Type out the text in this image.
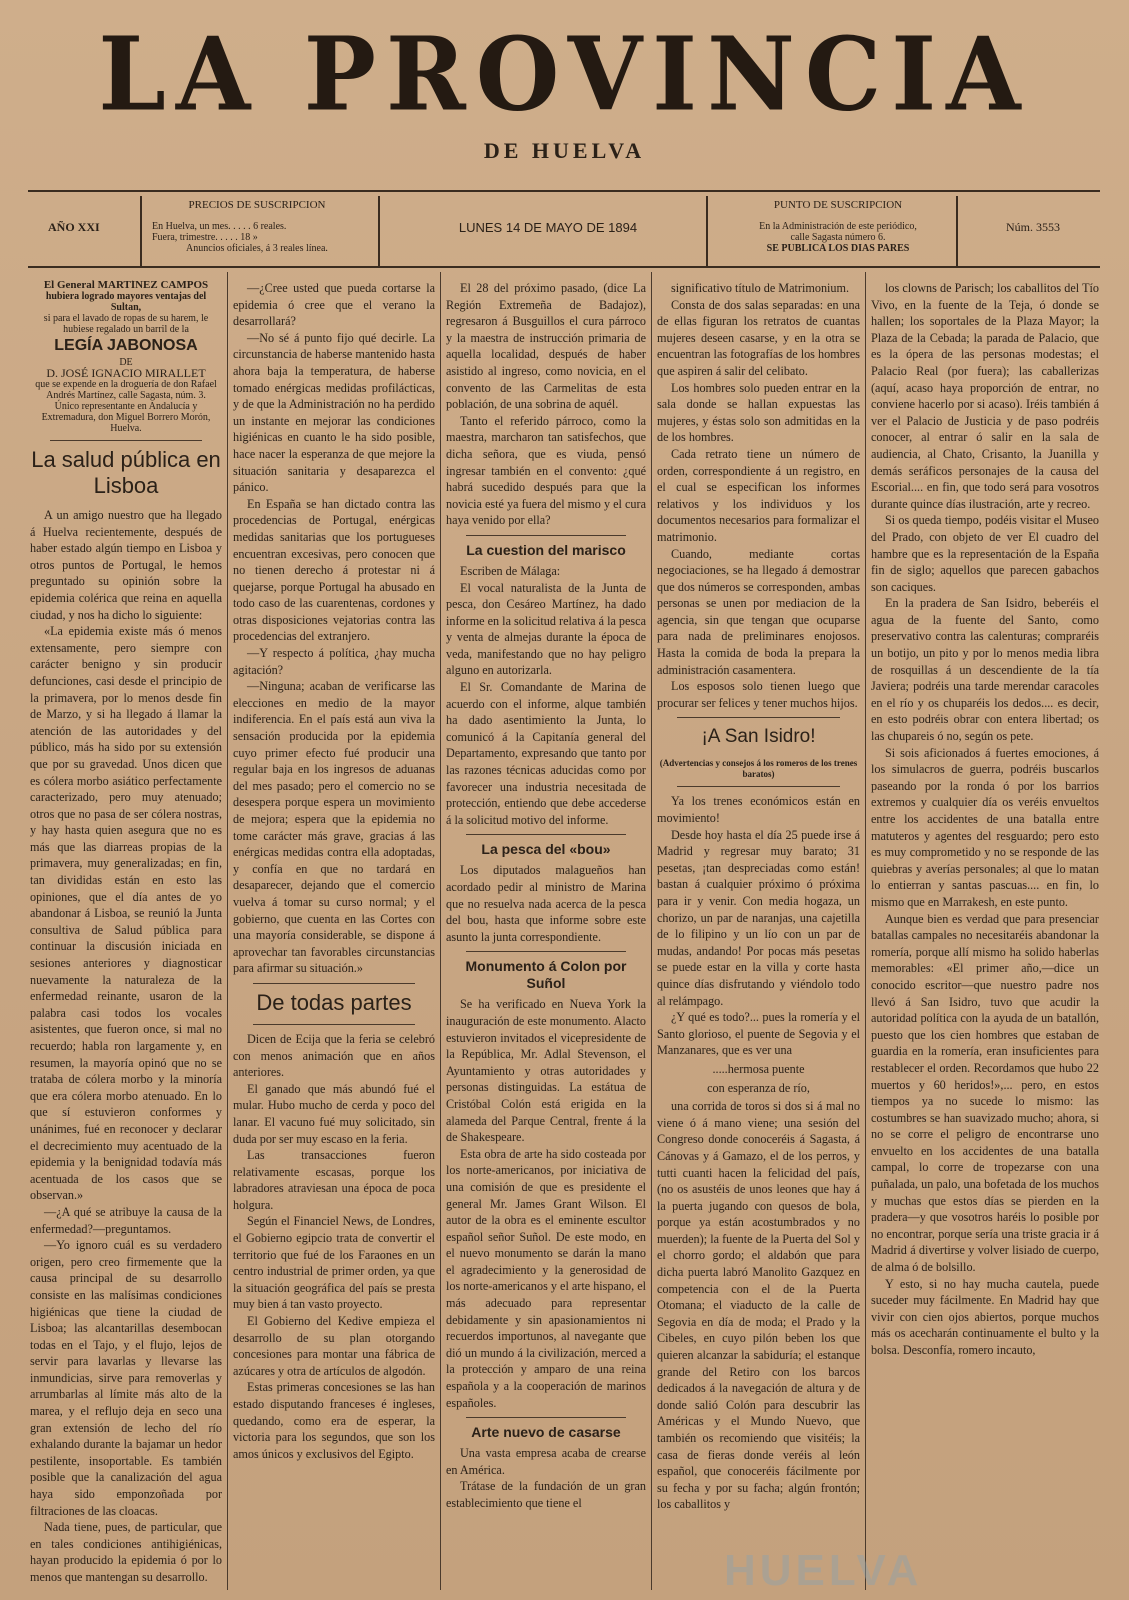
LA PROVINCIA
DE HUELVA
AÑO XXI
PRECIOS DE SUSCRIPCION
En Huelva, un mes. . . . . 6 reales.
Fuera, trimestre. . . . . 18 »
Anuncios oficiales, á 3 reales línea.
LUNES 14 DE MAYO DE 1894
PUNTO DE SUSCRIPCION
En la Administración de este periódico,
calle Sagasta número 6.
SE PUBLICA LOS DIAS PARES
Núm. 3553
El General MARTÍNEZ CAMPOS
hubiera logrado mayores ventajas del Sultan,
si para el lavado de ropas de su harem, le hubiese regalado un barril de la
LEGÍA JABONOSA
DE
D. JOSÉ IGNACIO MIRALLET
que se expende en la droguería de don Rafael Andrés Martínez, calle Sagasta, núm. 3.
Único representante en Andalucía y Extremadura, don Miguel Borrero Morón, Huelva.
La salud pública en Lisboa

A un amigo nuestro que ha llegado á Huelva recientemente, después de haber estado algún tiempo en Lisboa y otros puntos de Portugal, le hemos preguntado su opinión sobre la epidemia colérica que reina en aquella ciudad, y nos ha dicho lo siguiente:

«La epidemia existe más ó menos extensamente, pero siempre con carácter benigno y sin producir defunciones, casi desde el principio de la primavera, por lo menos desde fin de Marzo, y si ha llegado á llamar la atención de las autoridades y del público, más ha sido por su extensión que por su gravedad. Unos dicen que es cólera morbo asiático perfectamente caracterizado, pero muy atenuado; otros que no pasa de ser cólera nostras, y hay hasta quien asegura que no es más que las diarreas propias de la primavera, muy generalizadas; en fin, tan divididas están en esto las opiniones, que el día antes de yo abandonar á Lisboa, se reunió la Junta consultiva de Salud pública para continuar la discusión iniciada en sesiones anteriores y diagnosticar nuevamente la naturaleza de la enfermedad reinante, usaron de la palabra casi todos los vocales asistentes, que fueron once, si mal no recuerdo; habla ron largamente y, en resumen, la mayoría opinó que no se trataba de cólera morbo y la minoría que era cólera morbo atenuado. En lo que sí estuvieron conformes y unánimes, fué en reconocer y declarar el decrecimiento muy acentuado de la epidemia y la benignidad todavía más acentuada de los casos que se observan.»

—¿A qué se atribuye la causa de la enfermedad?—preguntamos.

—Yo ignoro cuál es su verdadero origen, pero creo firmemente que la causa principal de su desarrollo consiste en las malísimas condiciones higiénicas que tiene la ciudad de Lisboa; las alcantarillas desembocan todas en el Tajo, y el flujo, lejos de servir para lavarlas y llevarse las inmundicias, sirve para removerlas y arrumbarlas al límite más alto de la marea, y el reflujo deja en seco una gran extensión de lecho del río exhalando durante la bajamar un hedor pestilente, insoportable. Es también posible que la canalización del agua haya sido emponzoñada por filtraciones de las cloacas.

Nada tiene, pues, de particular, que en tales condiciones antihigiénicas, hayan producido la epidemia ó por lo menos que mantengan su desarrollo.

—¿Cree usted que pueda cortarse la epidemia ó cree que el verano la desarrollará?

—No sé á punto fijo qué decirle. La circunstancia de haberse mantenido hasta ahora baja la temperatura, de haberse tomado enérgicas medidas profilácticas, y de que la Administración no ha perdido un instante en mejorar las condiciones higiénicas en cuanto le ha sido posible, hace nacer la esperanza de que mejore la situación sanitaria y desaparezca el pánico.

En España se han dictado contra las procedencias de Portugal, enérgicas medidas sanitarias que los portugueses encuentran excesivas, pero conocen que no tienen derecho á protestar ni á quejarse, porque Portugal ha abusado en todo caso de las cuarentenas, cordones y otras disposiciones vejatorias contra las procedencias del extranjero.

—Y respecto á política, ¿hay mucha agitación?

—Ninguna; acaban de verificarse las elecciones en medio de la mayor indiferencia. En el país está aun viva la sensación producida por la epidemia cuyo primer efecto fué producir una regular baja en los ingresos de aduanas del mes pasado; pero el comercio no se desespera porque espera un movimiento de mejora; espera que la epidemia no tome carácter más grave, gracias á las enérgicas medidas contra ella adoptadas, y confía en que no tardará en desaparecer, dejando que el comercio vuelva á tomar su curso normal; y el gobierno, que cuenta en las Cortes con una mayoría considerable, se dispone á aprovechar tan favorables circunstancias para afirmar su situación.»

De todas partes

Dicen de Ecija que la feria se celebró con menos animación que en años anteriores.

El ganado que más abundó fué el mular. Hubo mucho de cerda y poco del lanar. El vacuno fué muy solicitado, sin duda por ser muy escaso en la feria.

Las transacciones fueron relativamente escasas, porque los labradores atraviesan una época de poca holgura.

Según el Financiel News, de Londres, el Gobierno egipcio trata de convertir el territorio que fué de los Faraones en un centro industrial de primer orden, ya que la situación geográfica del país se presta muy bien á tan vasto proyecto.

El Gobierno del Kedive empieza el desarrollo de su plan otorgando concesiones para montar una fábrica de azúcares y otra de artículos de algodón.

Estas primeras concesiones se las han estado disputando franceses é ingleses, quedando, como era de esperar, la victoria para los segundos, que son los amos únicos y exclusivos del Egipto.

El 28 del próximo pasado, (dice La Región Extremeña de Badajoz), regresaron á Busguillos el cura párroco y la maestra de instrucción primaria de aquella localidad, después de haber asistido al ingreso, como novicia, en el convento de las Carmelitas de esta población, de una sobrina de aquél.

Tanto el referido párroco, como la maestra, marcharon tan satisfechos, que dicha señora, que es viuda, pensó ingresar también en el convento: ¿qué habrá sucedido después para que la novicia esté ya fuera del mismo y el cura haya venido por ella?

La cuestion del marisco

Escriben de Málaga:

El vocal naturalista de la Junta de pesca, don Cesáreo Martínez, ha dado informe en la solicitud relativa á la pesca y venta de almejas durante la época de veda, manifestando que no hay peligro alguno en autorizarla.

El Sr. Comandante de Marina de acuerdo con el informe, alque también ha dado asentimiento la Junta, lo comunicó á la Capitanía general del Departamento, expresando que tanto por las razones técnicas aducidas como por favorecer una industria necesitada de protección, entiendo que debe accederse á la solicitud motivo del informe.

La pesca del «bou»

Los diputados malagueños han acordado pedir al ministro de Marina que no resuelva nada acerca de la pesca del bou, hasta que informe sobre este asunto la junta correspondiente.

Monumento á Colon por Suñol

Se ha verificado en Nueva York la inauguración de este monumento. Alacto estuvieron invitados el vicepresidente de la República, Mr. Adlal Stevenson, el Ayuntamiento y otras autoridades y personas distinguidas. La estátua de Cristóbal Colón está erigida en la alameda del Parque Central, frente á la de Shakespeare.

Esta obra de arte ha sido costeada por los norte-americanos, por iniciativa de una comisión de que es presidente el general Mr. James Grant Wilson. El autor de la obra es el eminente escultor español señor Suñol. De este modo, en el nuevo monumento se darán la mano el agradecimiento y la generosidad de los norte-americanos y el arte hispano, el más adecuado para representar debidamente y sin apasionamientos ni recuerdos importunos, al navegante que dió un mundo á la civilización, merced a la protección y amparo de una reina española y a la cooperación de marinos españoles.

Arte nuevo de casarse

Una vasta empresa acaba de crearse en América.

Trátase de la fundación de un gran establecimiento que tiene el

significativo título de Matrimonium.

Consta de dos salas separadas: en una de ellas figuran los retratos de cuantas mujeres deseen casarse, y en la otra se encuentran las fotografías de los hombres que aspiren á salir del celibato.

Los hombres solo pueden entrar en la sala donde se hallan expuestas las mujeres, y éstas solo son admitidas en la de los hombres.

Cada retrato tiene un número de orden, correspondiente á un registro, en el cual se especifican los informes relativos y los individuos y los documentos necesarios para formalizar el matrimonio.

Cuando, mediante cortas negociaciones, se ha llegado á demostrar que dos números se corresponden, ambas personas se unen por mediacion de la agencia, sin que tengan que ocuparse para nada de preliminares enojosos. Hasta la comida de boda la prepara la administración casamentera.

Los esposos solo tienen luego que procurar ser felices y tener muchos hijos.

¡A San Isidro!
(Advertencias y consejos á los romeros de los trenes baratos)

Ya los trenes económicos están en movimiento!

Desde hoy hasta el día 25 puede irse á Madrid y regresar muy barato; 31 pesetas, ¡tan despreciadas como están! bastan á cualquier próximo ó próxima para ir y venir. Con media hogaza, un chorizo, un par de naranjas, una cajetilla de lo filipino y un lío con un par de mudas, andando! Por pocas más pesetas se puede estar en la villa y corte hasta quince días disfrutando y viéndolo todo al relámpago.

¿Y qué es todo?... pues la romería y el Santo glorioso, el puente de Segovia y el Manzanares, que es ver una

.....hermosa puente
con esperanza de río,

una corrida de toros si dos si á mal no viene ó á mano viene; una sesión del Congreso donde conoceréis á Sagasta, á Cánovas y á Gamazo, el de los perros, y tutti cuanti hacen la felicidad del país, (no os asustéis de unos leones que hay á la puerta jugando con quesos de bola, porque ya están acostumbrados y no muerden); la fuente de la Puerta del Sol y el chorro gordo; el aldabón que para dicha puerta labró Manolito Gazquez en competencia con el de la Puerta Otomana; el viaducto de la calle de Segovia en día de moda; el Prado y la Cibeles, en cuyo pilón beben los que quieren alcanzar la sabiduría; el estanque grande del Retiro con los barcos dedicados á la navegación de altura y de donde salió Colón para descubrir las Américas y el Mundo Nuevo, que también os recomiendo que visitéis; la casa de fieras donde veréis al león español, que conoceréis fácilmente por su fecha y por su facha; algún frontón; los caballitos y

los clowns de Parisch; los caballitos del Tío Vivo, en la fuente de la Teja, ó donde se hallen; los soportales de la Plaza Mayor; la Plaza de la Cebada; la parada de Palacio, que es la ópera de las personas modestas; el Palacio Real (por fuera); las caballerizas (aquí, acaso haya proporción de entrar, no conviene hacerlo por si acaso). Iréis también á ver el Palacio de Justicia y de paso podréis conocer, al entrar ó salir en la sala de audiencia, al Chato, Crisanto, la Juanilla y demás seráficos personajes de la causa del Escorial.... en fin, que todo será para vosotros durante quince días ilustración, arte y recreo.

Si os queda tiempo, podéis visitar el Museo del Prado, con objeto de ver El cuadro del hambre que es la representación de la España fin de siglo; aquellos que parecen gabachos son caciques.

En la pradera de San Isidro, beberéis el agua de la fuente del Santo, como preservativo contra las calenturas; compraréis un botijo, un pito y por lo menos media libra de rosquillas á un descendiente de la tía Javiera; podréis una tarde merendar caracoles en el río y os chuparéis los dedos.... es decir, en esto podréis obrar con entera libertad; os las chupareis ó no, según os pete.

Si sois aficionados á fuertes emociones, á los simulacros de guerra, podréis buscarlos paseando por la ronda ó por los barrios extremos y cualquier día os veréis envueltos entre los accidentes de una batalla entre matuteros y agentes del resguardo; pero esto es muy comprometido y no se responde de las quiebras y averías personales; al que lo matan lo entierran y santas pascuas.... en fin, lo mismo que en Marrakesh, en este punto.

Aunque bien es verdad que para presenciar batallas campales no necesitaréis abandonar la romería, porque allí mismo ha solido haberlas memorables: «El primer año,—dice un conocido escritor—que nuestro padre nos llevó á San Isidro, tuvo que acudir la autoridad política con la ayuda de un batallón, puesto que los cien hombres que estaban de guardia en la romería, eran insuficientes para restablecer el orden. Recordamos que hubo 22 muertos y 60 heridos!»,... pero, en estos tiempos ya no sucede lo mismo: las costumbres se han suavizado mucho; ahora, si no se corre el peligro de encontrarse uno envuelto en los accidentes de una batalla campal, lo corre de tropezarse con una puñalada, un palo, una bofetada de los muchos y muchas que estos días se pierden en la pradera—y que vosotros haréis lo posible por no encontrar, porque sería una triste gracia ir á Madrid á divertirse y volver lisiado de cuerpo, de alma ó de bolsillo.

Y esto, si no hay mucha cautela, puede suceder muy fácilmente. En Madrid hay que vivir con cien ojos abiertos, porque muchos más os acecharán continuamente el bulto y la bolsa. Desconfía, romero incauto,

HUELVA
